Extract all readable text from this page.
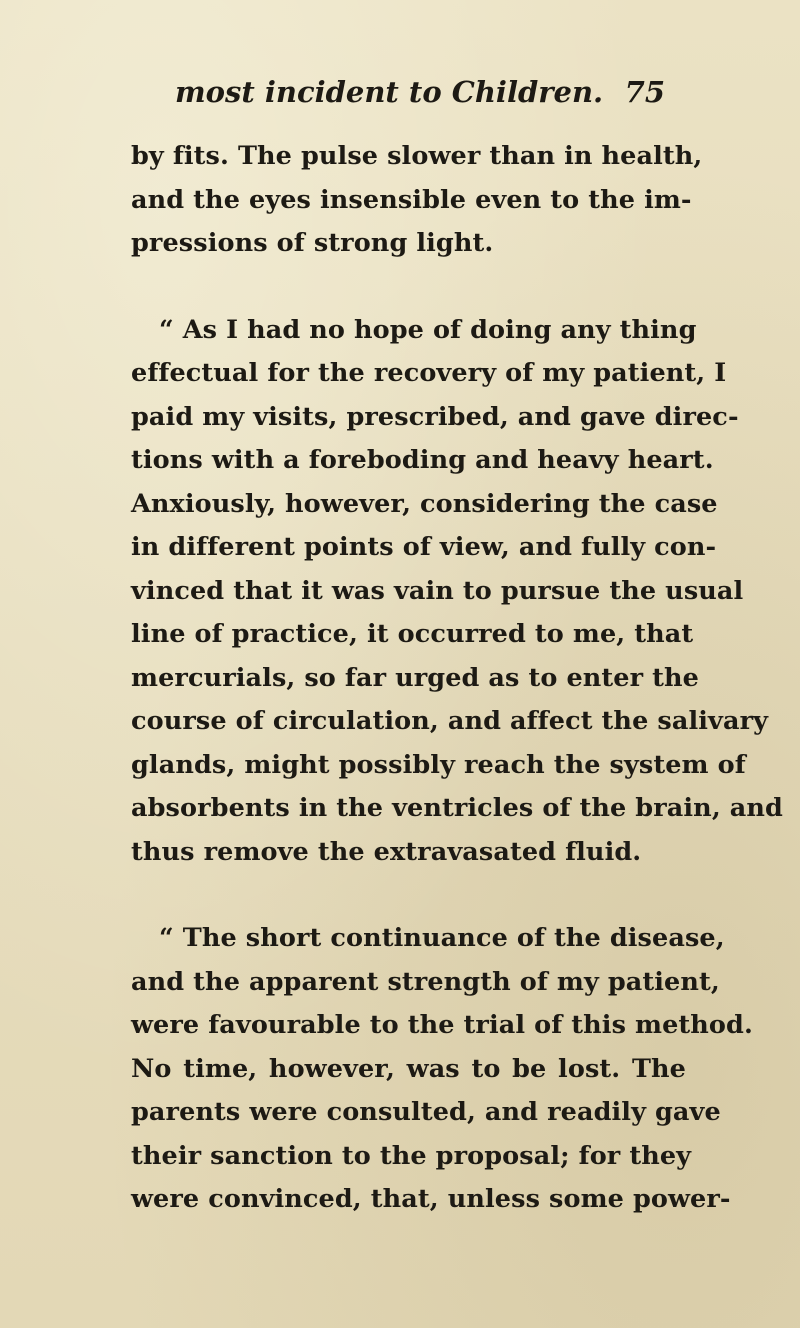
most incident to Children. 75

by fits. The pulse slower than in health,
and the eyes insensible even to the im-
pressions of strong light.

“ As I had no hope of doing any thing
effectual for the recovery of my patient, I
paid my visits, prescribed, and gave direc-
tions with a foreboding and heavy heart.
Anxiously, however, considering the case
in different points of view, and fully con-
vinced that it was vain to pursue the usual
line of practice, it occurred to me, that
mercurials, so far urged as to enter the
course of circulation, and affect the salivary
glands, might possibly reach the system of
absorbents in the ventricles of the brain, and
thus remove the extravasated fluid.

“ The short continuance of the disease,
and the apparent strength of my patient,
were favourable to the trial of this method.
No time, however, was to be lost. The
parents were consulted, and readily gave
their sanction to the proposal; for they
were convinced, that, unless some power-
